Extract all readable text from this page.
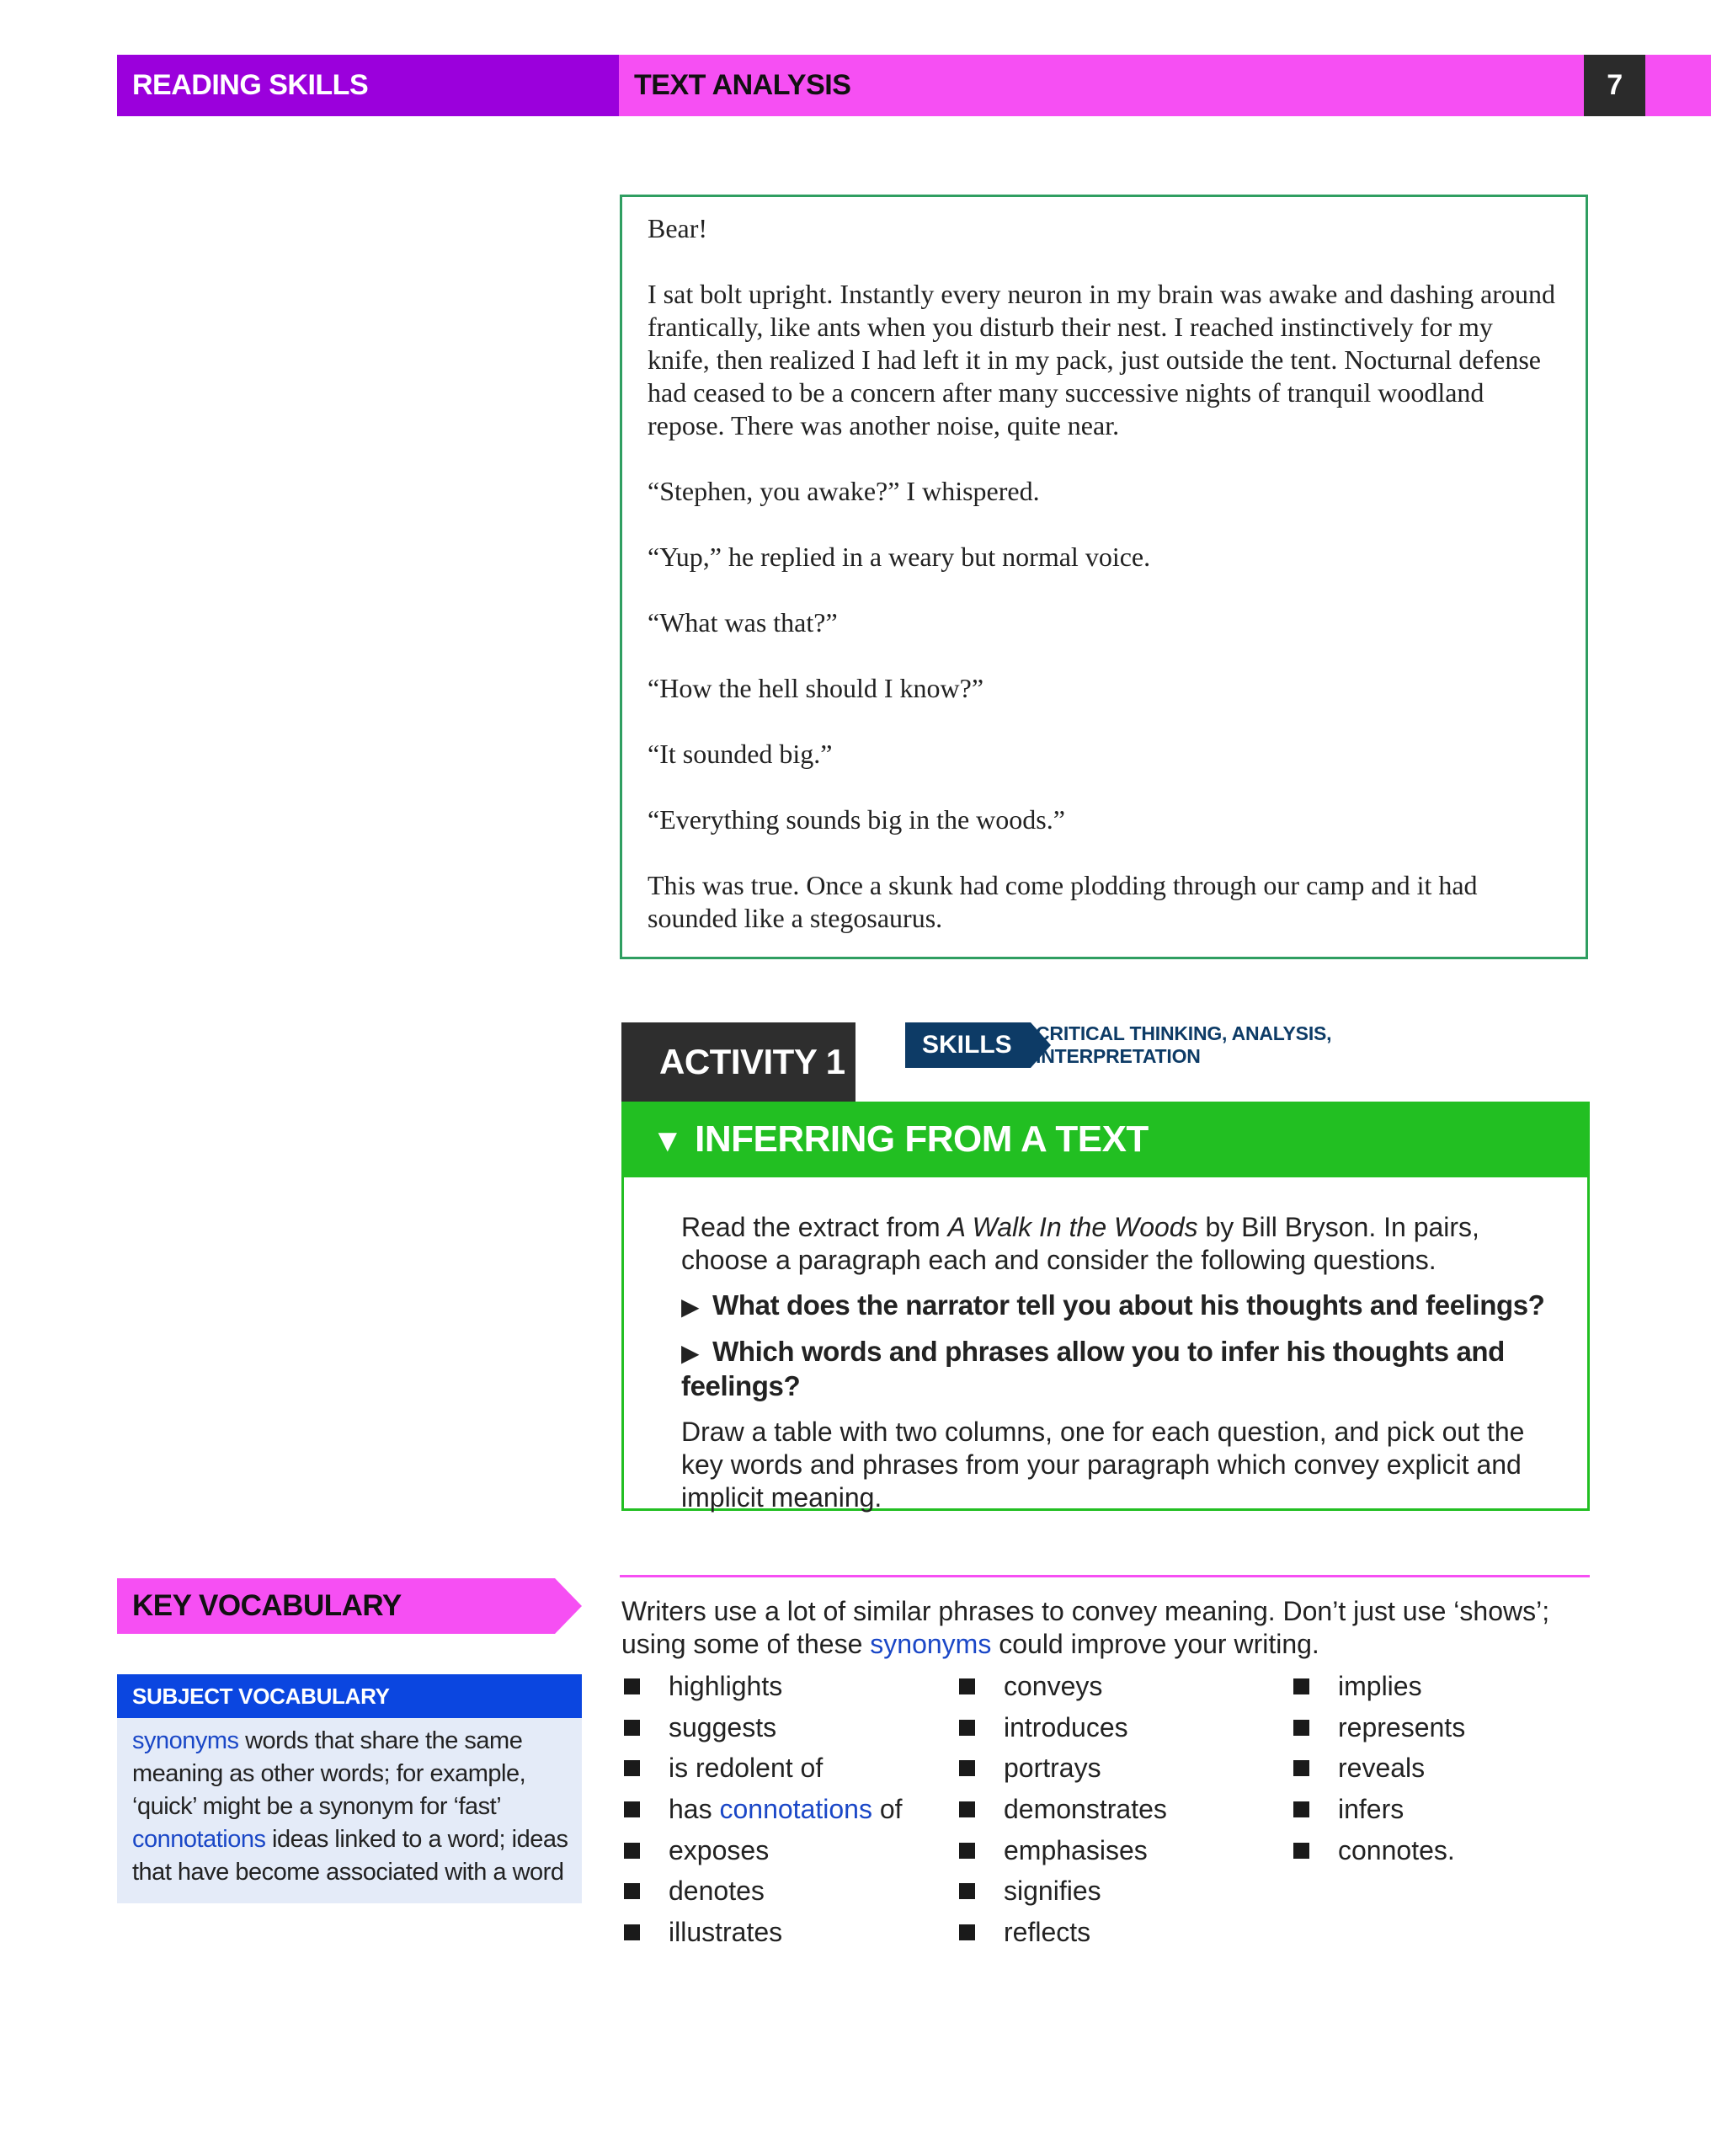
READING SKILLS	TEXT ANALYSIS	7

Bear!

I sat bolt upright. Instantly every neuron in my brain was awake and dashing around frantically, like ants when you disturb their nest. I reached instinctively for my knife, then realized I had left it in my pack, just outside the tent. Nocturnal defense had ceased to be a concern after many successive nights of tranquil woodland repose. There was another noise, quite near.

“Stephen, you awake?” I whispered.

“Yup,” he replied in a weary but normal voice.

“What was that?”

“How the hell should I know?”

“It sounded big.”

“Everything sounds big in the woods.”

This was true. Once a skunk had come plodding through our camp and it had sounded like a stegosaurus.

ACTIVITY 1	SKILLS	CRITICAL THINKING, ANALYSIS,
INTERPRETATION
▼ INFERRING FROM A TEXT

Read the extract from A Walk In the Woods by Bill Bryson. In pairs, choose a paragraph each and consider the following questions.

▶ What does the narrator tell you about his thoughts and feelings?

▶ Which words and phrases allow you to infer his thoughts and feelings?

Draw a table with two columns, one for each question, and pick out the key words and phrases from your paragraph which convey explicit and implicit meaning.

KEY VOCABULARY
SUBJECT VOCABULARY

synonyms words that share the same meaning as other words; for example, ‘quick’ might be a synonym for ‘fast’

connotations ideas linked to a word; ideas that have become associated with a word

Writers use a lot of similar phrases to convey meaning. Don’t just use ‘shows’; using some of these synonyms could improve your writing.

highlights
suggests
is redolent of
has connotations of
exposes
denotes
illustrates
conveys
introduces
portrays
demonstrates
emphasises
signifies
reflects
implies
represents
reveals
infers
connotes.
